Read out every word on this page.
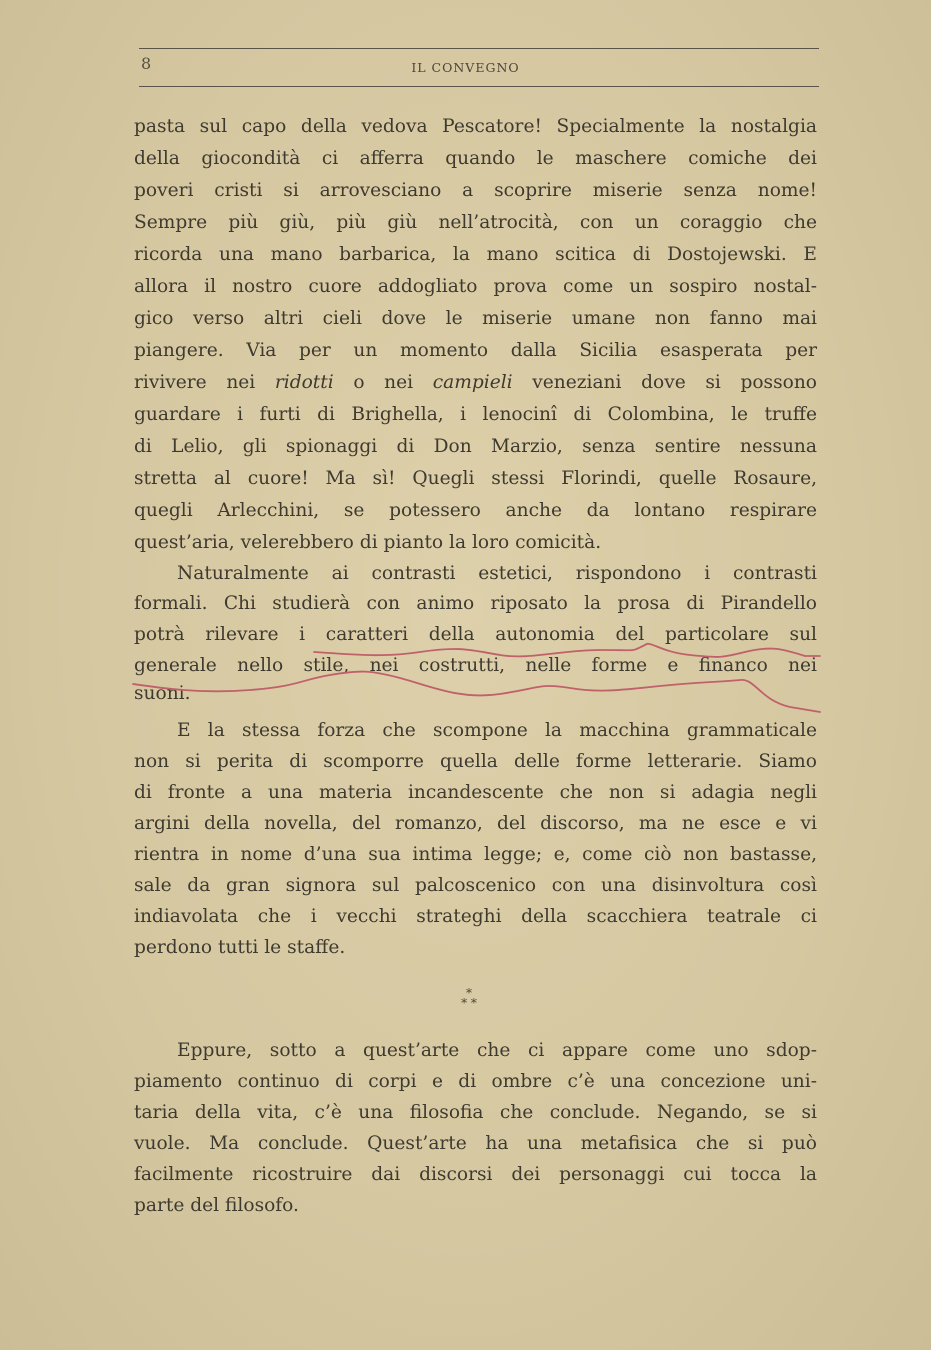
8	IL CONVEGNO
pasta sul capo della vedova Pescatore! Specialmente la nostalgia
della giocondità ci afferra quando le maschere comiche dei
poveri cristi si arrovesciano a scoprire miserie senza nome!
Sempre più giù, più giù nell’atrocità, con un coraggio che
ricorda una mano barbarica, la mano scitica di Dostojewski. E
allora il nostro cuore addogliato prova come un sospiro nostal-
gico verso altri cieli dove le miserie umane non fanno mai
piangere. Via per un momento dalla Sicilia esasperata per
rivivere nei ridotti o nei campieli veneziani dove si possono
guardare i furti di Brighella, i lenocinî di Colombina, le truffe
di Lelio, gli spionaggi di Don Marzio, senza sentire nessuna
stretta al cuore! Ma sì! Quegli stessi Florindi, quelle Rosaure,
quegli Arlecchini, se potessero anche da lontano respirare
quest’aria, velerebbero di pianto la loro comicità.
Naturalmente ai contrasti estetici, rispondono i contrasti
formali. Chi studierà con animo riposato la prosa di Pirandello
potrà rilevare i caratteri della autonomia del particolare sul
generale nello stile, nei costrutti, nelle forme e financo nei
suoni.
E la stessa forza che scompone la macchina grammaticale
non si perita di scomporre quella delle forme letterarie. Siamo
di fronte a una materia incandescente che non si adagia negli
argini della novella, del romanzo, del discorso, ma ne esce e vi
rientra in nome d’una sua intima legge; e, come ciò non bastasse,
sale da gran signora sul palcoscenico con una disinvoltura così
indiavolata che i vecchi strateghi della scacchiera teatrale ci
perdono tutti le staffe.
*
* *
Eppure, sotto a quest’arte che ci appare come uno sdop-
piamento continuo di corpi e di ombre c’è una concezione uni-
taria della vita, c’è una filosofia che conclude. Negando, se si
vuole. Ma conclude. Quest’arte ha una metafisica che si può
facilmente ricostruire dai discorsi dei personaggi cui tocca la
parte del filosofo.
